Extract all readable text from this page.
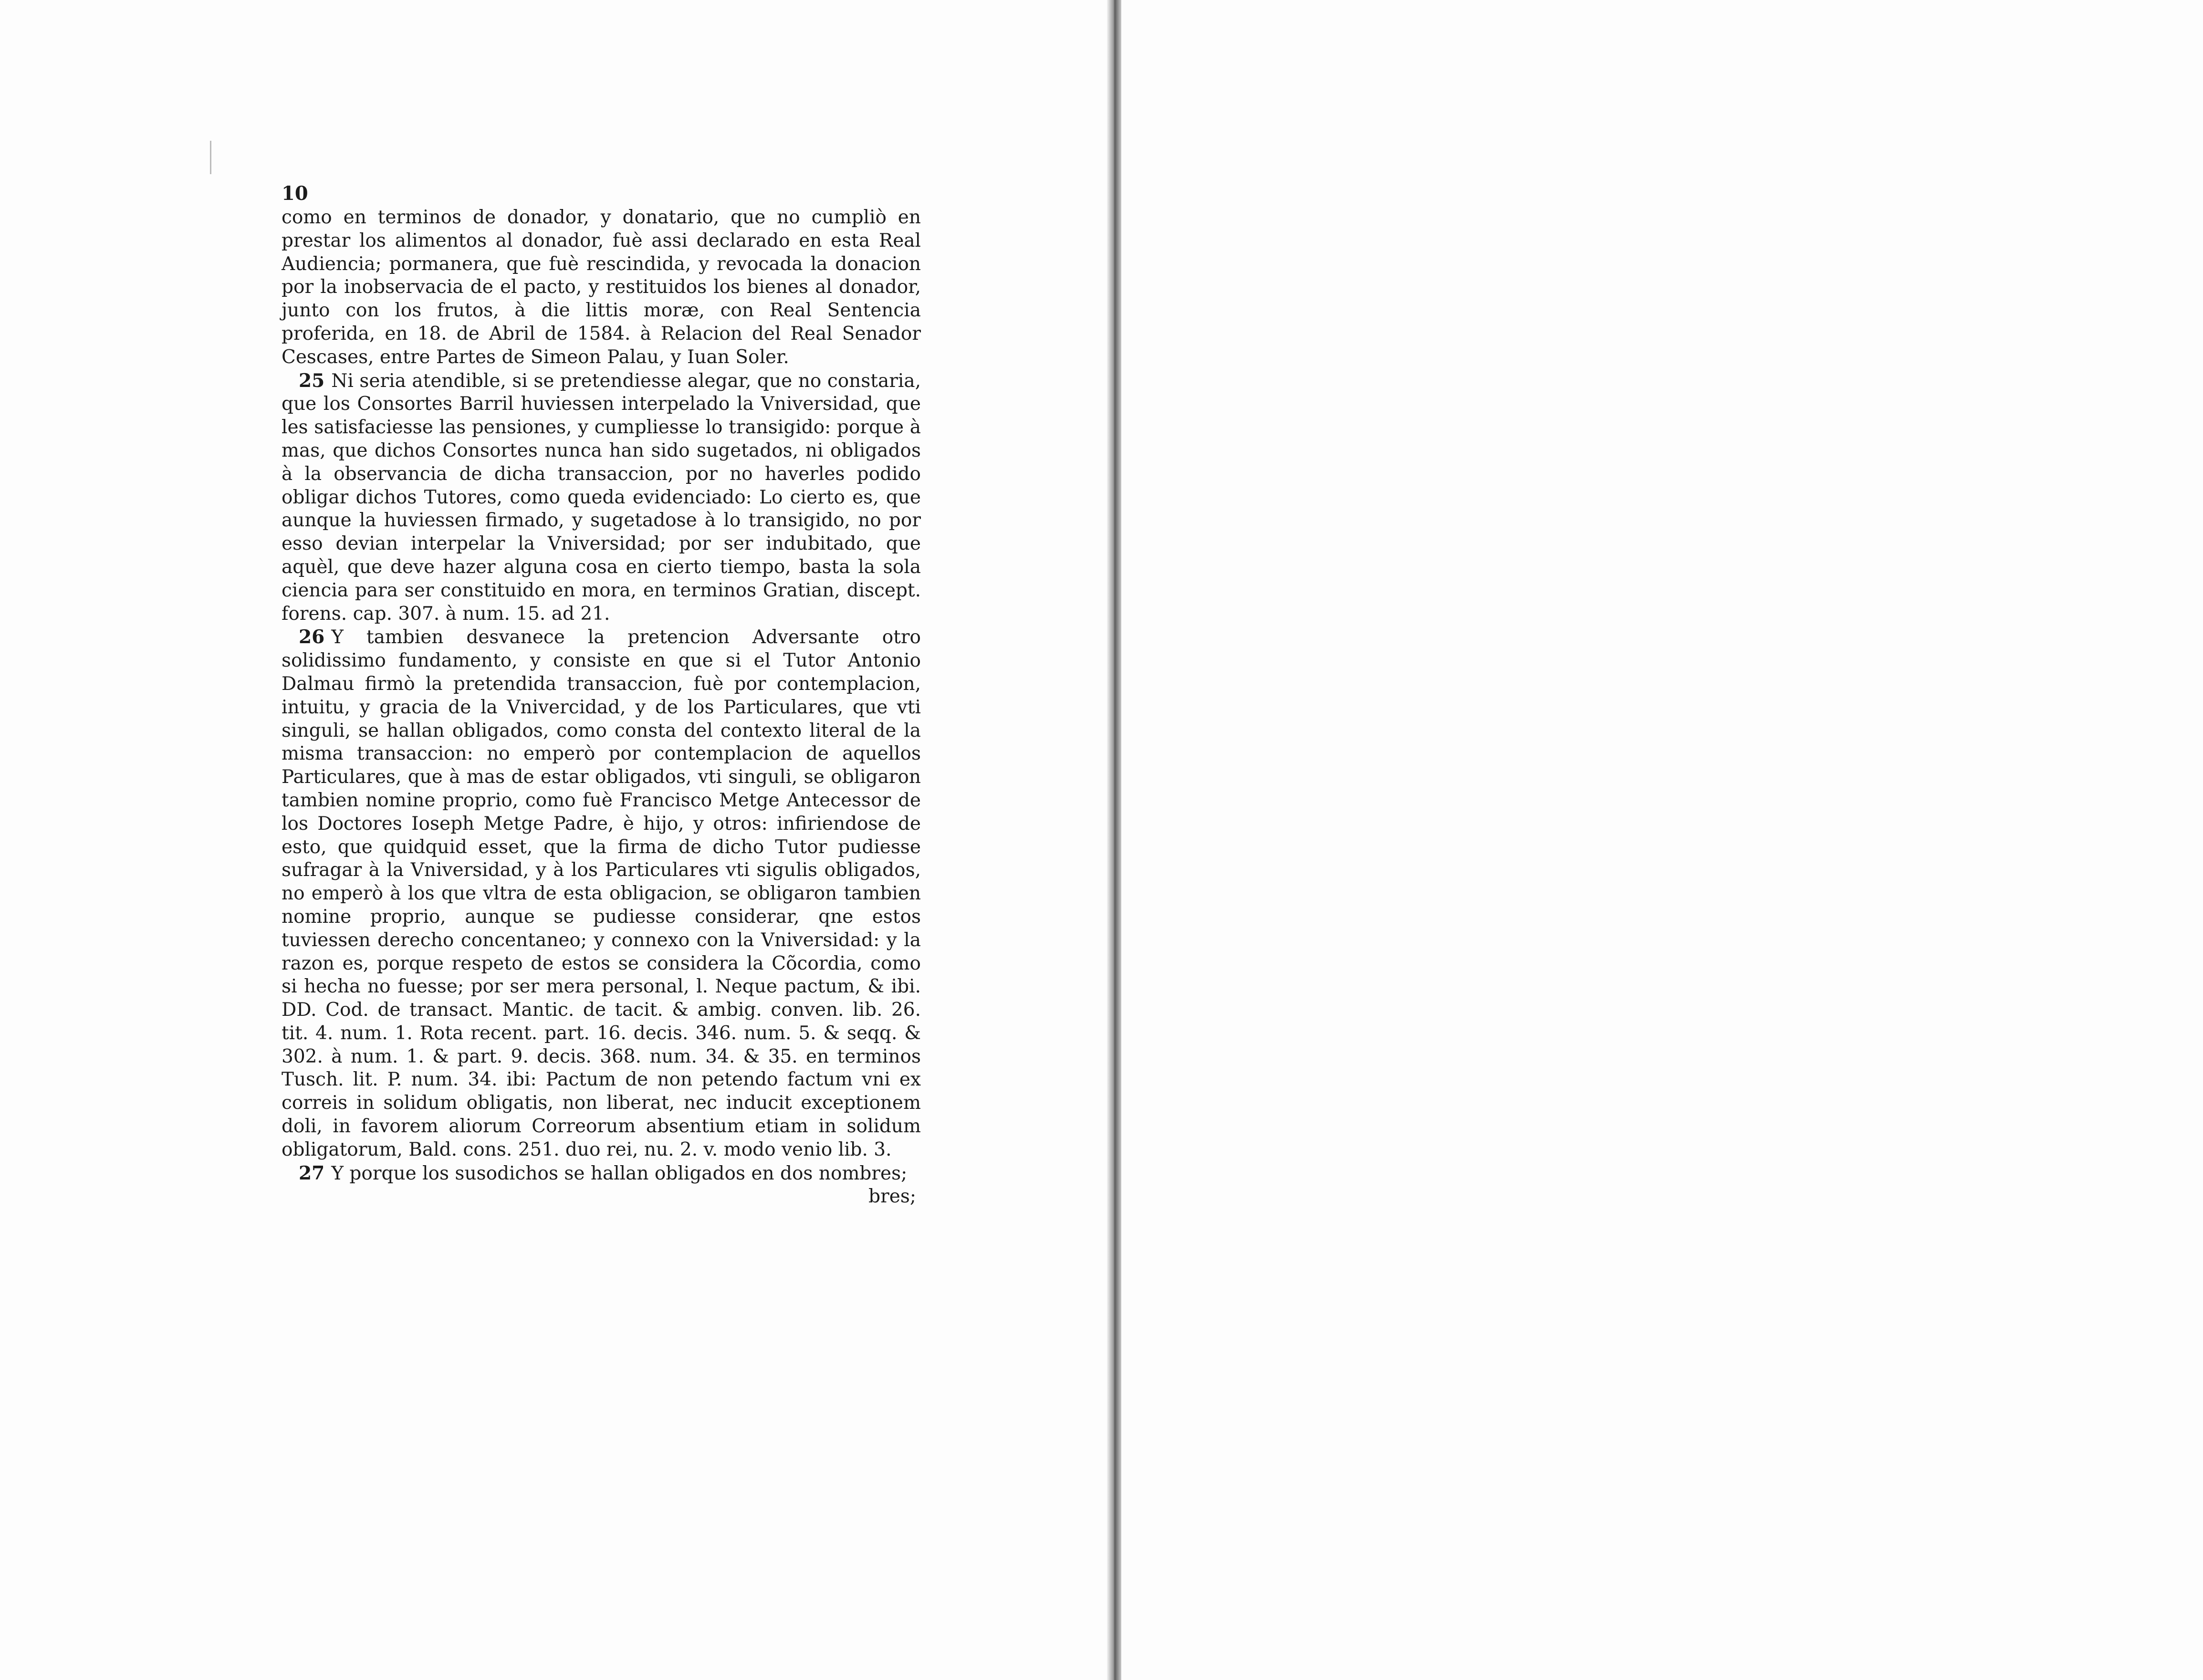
10

como en terminos de donador, y donatario, que no cumpliò en prestar los alimentos al donador, fuè assi declarado en esta Real Audiencia; pormanera, que fuè rescindida, y revocada la donacion por la inobservacia de el pacto, y restituidos los bienes al donador, junto con los frutos, à die littis moræ, con Real Sentencia proferida, en 18. de Abril de 1584. à Relacion del Real Senador Cescases, entre Partes de Simeon Palau, y Iuan Soler.

25 Ni seria atendible, si se pretendiesse alegar, que no constaria, que los Consortes Barril huviessen interpelado la Vniversidad, que les satisfaciesse las pensiones, y cumpliesse lo transigido: porque à mas, que dichos Consortes nunca han sido sugetados, ni obligados à la observancia de dicha transaccion, por no haverles podido obligar dichos Tutores, como queda evidenciado: Lo cierto es, que aunque la huviessen firmado, y sugetadose à lo transigido, no por esso devian interpelar la Vniversidad; por ser indubitado, que aquèl, que deve hazer alguna cosa en cierto tiempo, basta la sola ciencia para ser constituido en mora, en terminos Gratian, discept. forens. cap. 307. à num. 15. ad 21.

26 Y tambien desvanece la pretencion Adversante otro solidissimo fundamento, y consiste en que si el Tutor Antonio Dalmau firmò la pretendida transaccion, fuè por contemplacion, intuitu, y gracia de la Vnivercidad, y de los Particulares, que vti singuli, se hallan obligados, como consta del contexto literal de la misma transaccion: no emperò por contemplacion de aquellos Particulares, que à mas de estar obligados, vti singuli, se obligaron tambien nomine proprio, como fuè Francisco Metge Antecessor de los Doctores Ioseph Metge Padre, è hijo, y otros: infiriendose de esto, que quidquid esset, que la firma de dicho Tutor pudiesse sufragar à la Vniversidad, y à los Particulares vti sigulis obligados, no emperò à los que vltra de esta obligacion, se obligaron tambien nomine proprio, aunque se pudiesse considerar, qne estos tuviessen derecho concentaneo; y connexo con la Vniversidad: y la razon es, porque respeto de estos se considera la Cõcordia, como si hecha no fuesse; por ser mera personal, l. Neque pactum, & ibi. DD. Cod. de transact. Mantic. de tacit. & ambig. conven. lib. 26. tit. 4. num. 1. Rota recent. part. 16. decis. 346. num. 5. & seqq. & 302. à num. 1. & part. 9. decis. 368. num. 34. & 35. en terminos Tusch. lit. P. num. 34. ibi: Pactum de non petendo factum vni ex correis in solidum obligatis, non liberat, nec inducit exceptionem doli, in favorem aliorum Correorum absentium etiam in solidum obligatorum, Bald. cons. 251. duo rei, nu. 2. v. modo venio lib. 3.

27 Y porque los susodichos se hallan obligados en dos nombres;

bres;
